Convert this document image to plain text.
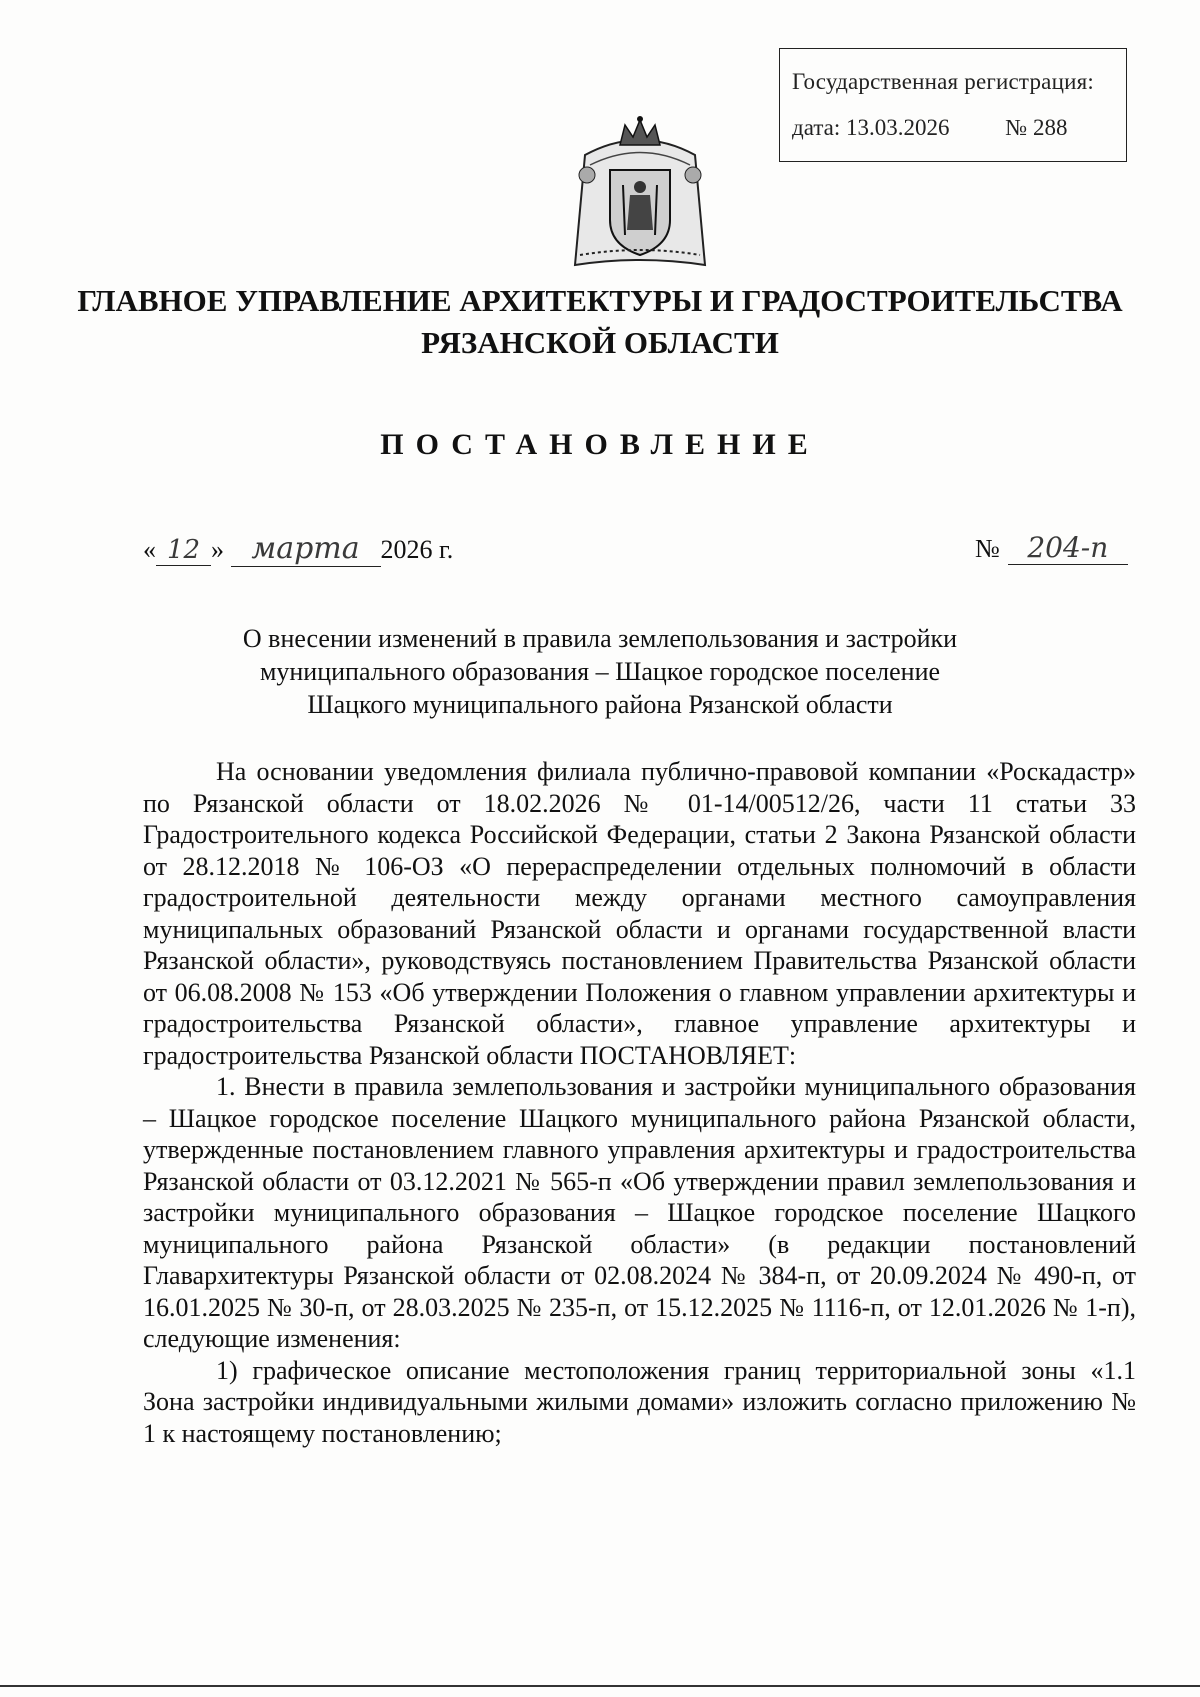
Государственная регистрация:
дата: 13.03.2026 № 288
ГЛАВНОЕ УПРАВЛЕНИЕ АРХИТЕКТУРЫ И ГРАДОСТРОИТЕЛЬСТВА
РЯЗАНСКОЙ ОБЛАСТИ
ПОСТАНОВЛЕНИЕ
« 12 » марта 2026 г.	№ 204-п
О внесении изменений в правила землепользования и застройки
муниципального образования – Шацкое городское поселение
Шацкого муниципального района Рязанской области

На основании уведомления филиала публично-правовой компании «Роскадастр» по Рязанской области от 18.02.2026 № 01-14/00512/26, части 11 статьи 33 Градостроительного кодекса Российской Федерации, статьи 2 Закона Рязанской области от 28.12.2018 № 106-ОЗ «О перераспределении отдельных полномочий в области градостроительной деятельности между органами местного самоуправления муниципальных образований Рязанской области и органами государственной власти Рязанской области», руководствуясь постановлением Правительства Рязанской области от 06.08.2008 № 153 «Об утверждении Положения о главном управлении архитектуры и градостроительства Рязанской области», главное управление архитектуры и градостроительства Рязанской области ПОСТАНОВЛЯЕТ:

1. Внести в правила землепользования и застройки муниципального образования – Шацкое городское поселение Шацкого муниципального района Рязанской области, утвержденные постановлением главного управления архитектуры и градостроительства Рязанской области от 03.12.2021 № 565-п «Об утверждении правил землепользования и застройки муниципального образования – Шацкое городское поселение Шацкого муниципального района Рязанской области» (в редакции постановлений Главархитектуры Рязанской области от 02.08.2024 № 384-п, от 20.09.2024 № 490-п, от 16.01.2025 № 30-п, от 28.03.2025 № 235-п, от 15.12.2025 № 1116-п, от 12.01.2026 № 1-п), следующие изменения:

1) графическое описание местоположения границ территориальной зоны «1.1 Зона застройки индивидуальными жилыми домами» изложить согласно приложению № 1 к настоящему постановлению;
